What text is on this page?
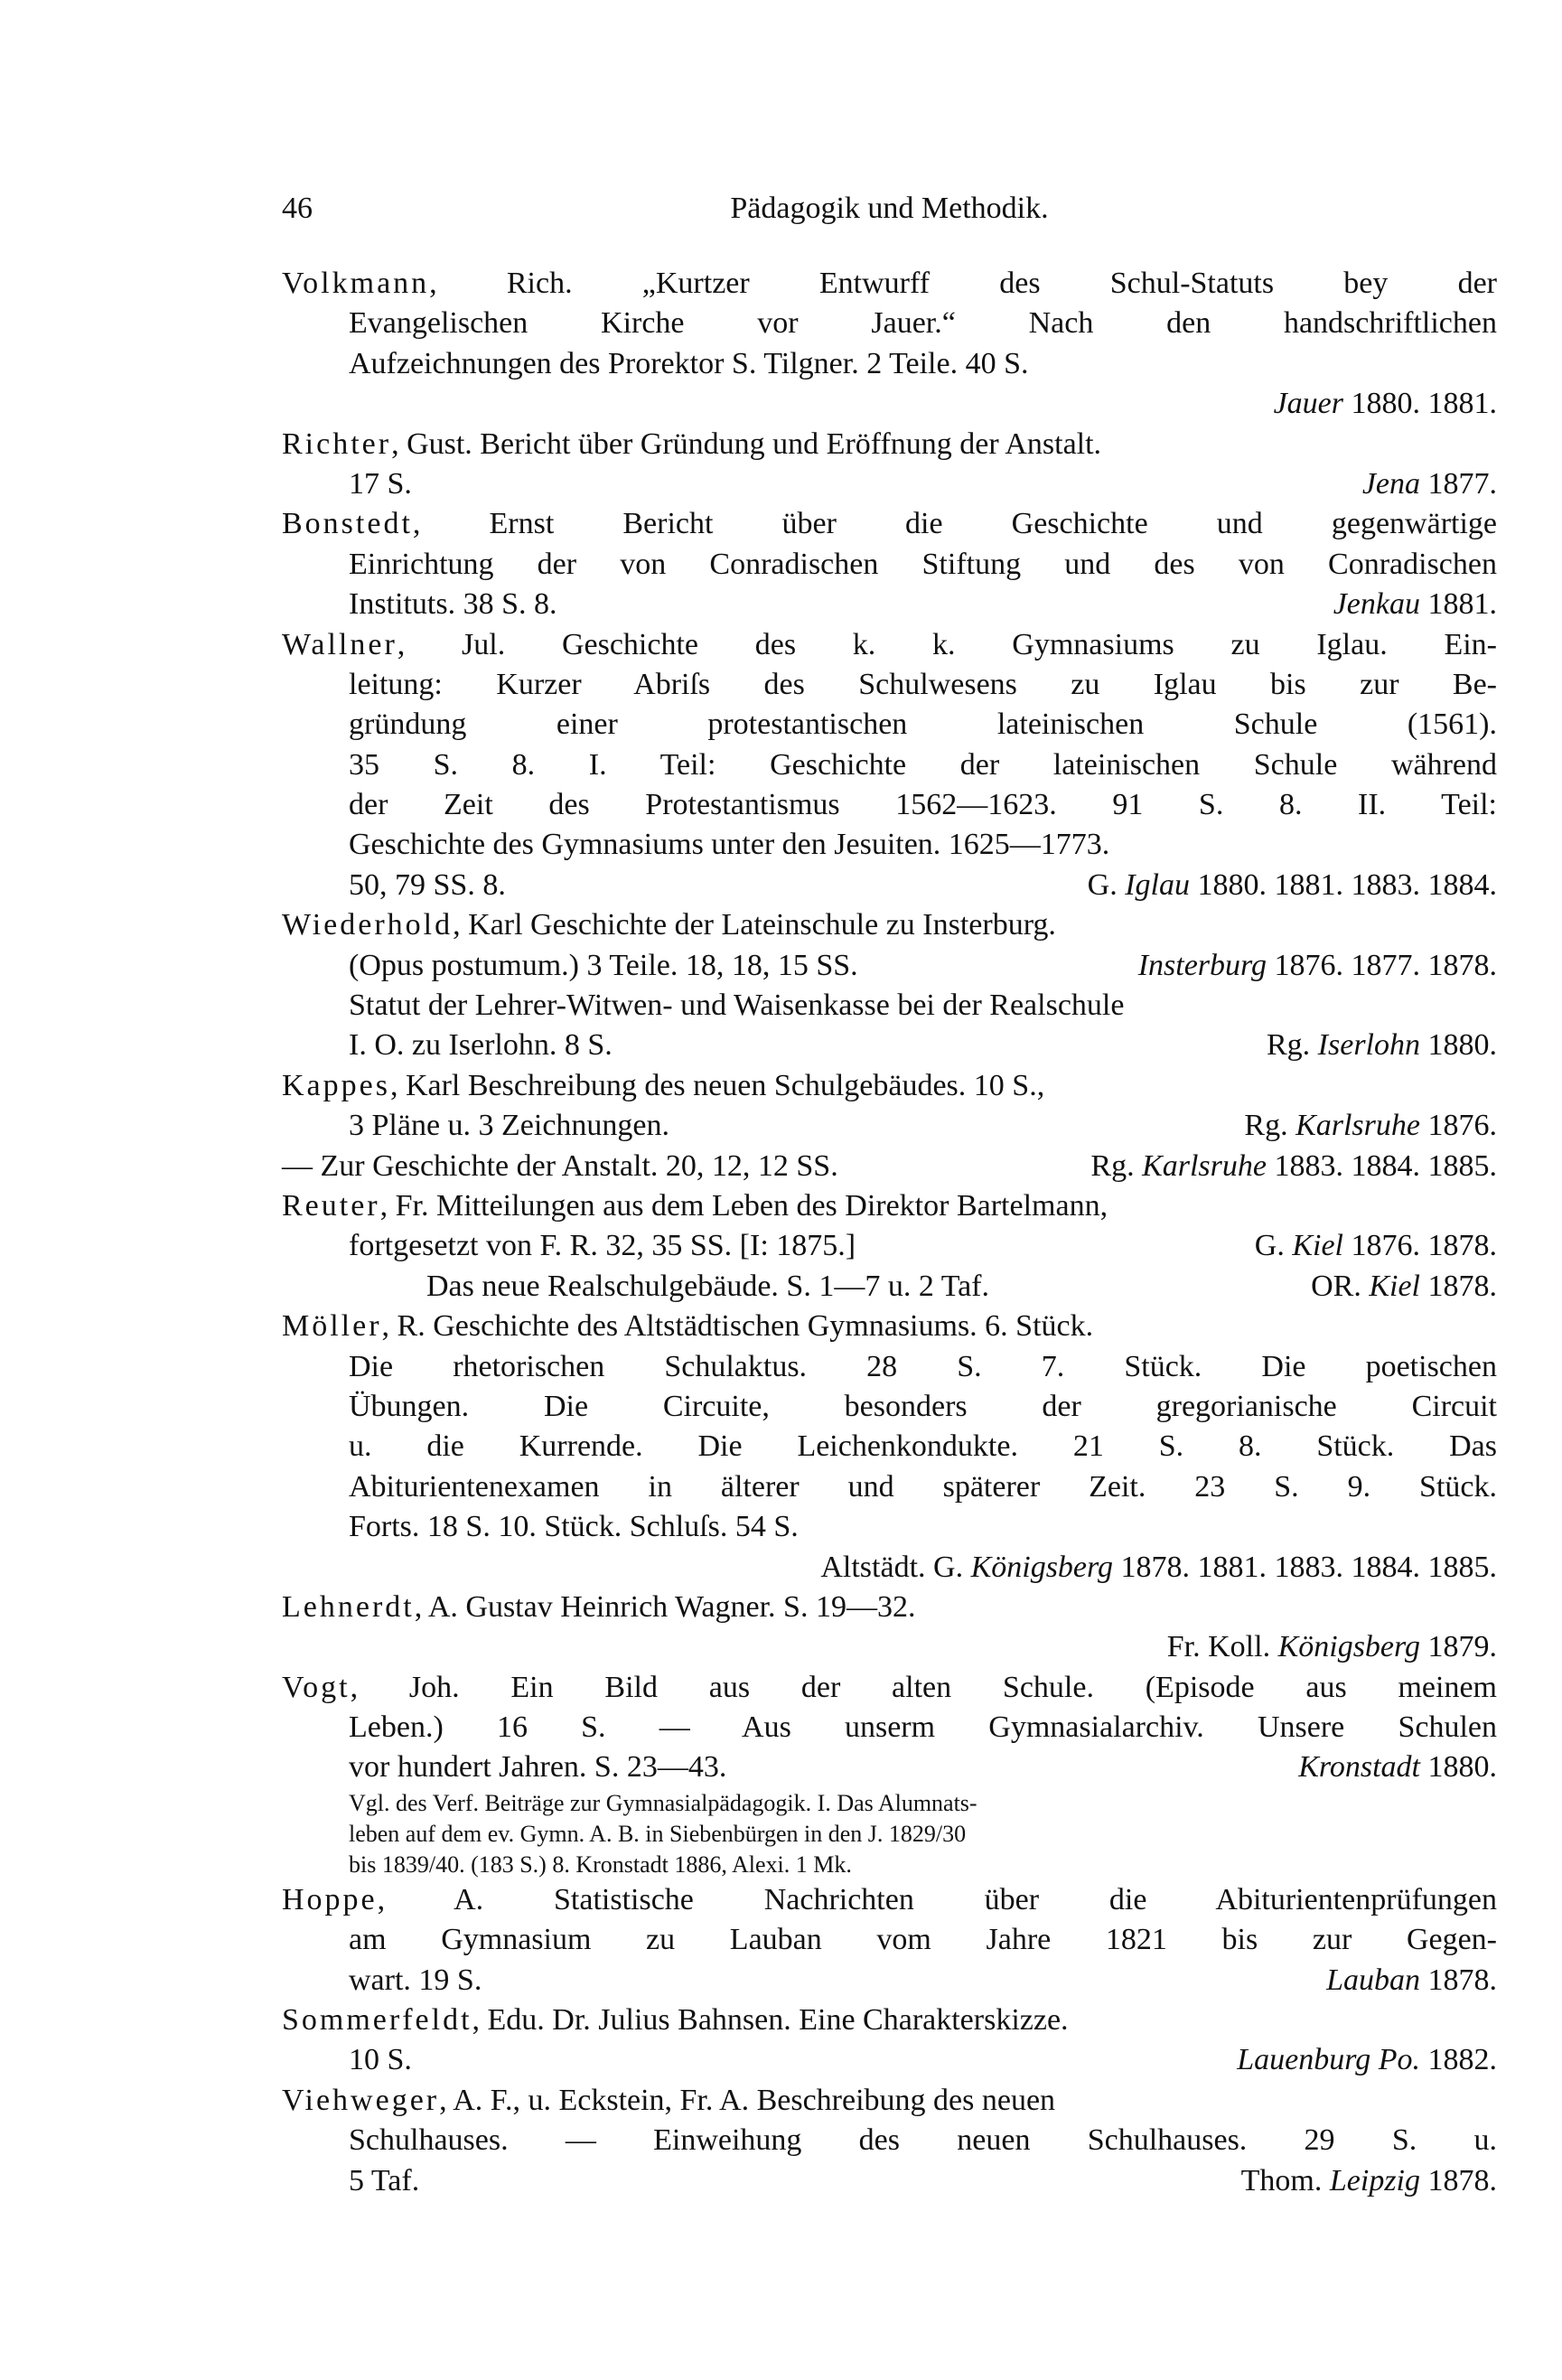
46	Pädagogik und Methodik.
Volkmann, Rich. „Kurtzer Entwurff des Schul-Statuts bey der
Evangelischen Kirche vor Jauer.“ Nach den handschriftlichen
Aufzeichnungen des Prorektor S. Tilgner. 2 Teile. 40 S.
Jauer 1880. 1881.
Richter, Gust. Bericht über Gründung und Eröffnung der Anstalt.
17 S.	Jena 1877.
Bonstedt, Ernst Bericht über die Geschichte und gegenwärtige
Einrichtung der von Conradischen Stiftung und des von Conradischen
Instituts. 38 S. 8.	Jenkau 1881.
Wallner, Jul. Geschichte des k. k. Gymnasiums zu Iglau. Ein-
leitung: Kurzer Abriſs des Schulwesens zu Iglau bis zur Be-
gründung einer protestantischen lateinischen Schule (1561).
35 S. 8. I. Teil: Geschichte der lateinischen Schule während
der Zeit des Protestantismus 1562—1623. 91 S. 8. II. Teil:
Geschichte des Gymnasiums unter den Jesuiten. 1625—1773.
50, 79 SS. 8.	G. Iglau 1880. 1881. 1883. 1884.
Wiederhold, Karl Geschichte der Lateinschule zu Insterburg.
(Opus postumum.) 3 Teile. 18, 18, 15 SS.	Insterburg 1876. 1877. 1878.
Statut der Lehrer-Witwen- und Waisenkasse bei der Realschule
I. O. zu Iserlohn. 8 S.	Rg. Iserlohn 1880.
Kappes, Karl Beschreibung des neuen Schulgebäudes. 10 S.,
3 Pläne u. 3 Zeichnungen.	Rg. Karlsruhe 1876.
— Zur Geschichte der Anstalt. 20, 12, 12 SS.	Rg. Karlsruhe 1883. 1884. 1885.
Reuter, Fr. Mitteilungen aus dem Leben des Direktor Bartelmann,
fortgesetzt von F. R. 32, 35 SS. [I: 1875.]	G. Kiel 1876. 1878.
Das neue Realschulgebäude. S. 1—7 u. 2 Taf.	OR. Kiel 1878.
Möller, R. Geschichte des Altstädtischen Gymnasiums. 6. Stück.
Die rhetorischen Schulaktus. 28 S. 7. Stück. Die poetischen
Übungen. Die Circuite, besonders der gregorianische Circuit
u. die Kurrende. Die Leichenkondukte. 21 S. 8. Stück. Das
Abiturientenexamen in älterer und späterer Zeit. 23 S. 9. Stück.
Forts. 18 S. 10. Stück. Schluſs. 54 S.
Altstädt. G. Königsberg 1878. 1881. 1883. 1884. 1885.
Lehnerdt, A. Gustav Heinrich Wagner. S. 19—32.
Fr. Koll. Königsberg 1879.
Vogt, Joh. Ein Bild aus der alten Schule. (Episode aus meinem
Leben.) 16 S. — Aus unserm Gymnasialarchiv. Unsere Schulen
vor hundert Jahren. S. 23—43.	Kronstadt 1880.
Vgl. des Verf. Beiträge zur Gymnasialpädagogik. I. Das Alumnats-
leben auf dem ev. Gymn. A. B. in Siebenbürgen in den J. 1829/30
bis 1839/40. (183 S.) 8. Kronstadt 1886, Alexi. 1 Mk.
Hoppe, A. Statistische Nachrichten über die Abiturientenprüfungen
am Gymnasium zu Lauban vom Jahre 1821 bis zur Gegen-
wart. 19 S.	Lauban 1878.
Sommerfeldt, Edu. Dr. Julius Bahnsen. Eine Charakterskizze.
10 S.	Lauenburg Po. 1882.
Viehweger, A. F., u. Eckstein, Fr. A. Beschreibung des neuen
Schulhauses. — Einweihung des neuen Schulhauses. 29 S. u.
5 Taf.	Thom. Leipzig 1878.
